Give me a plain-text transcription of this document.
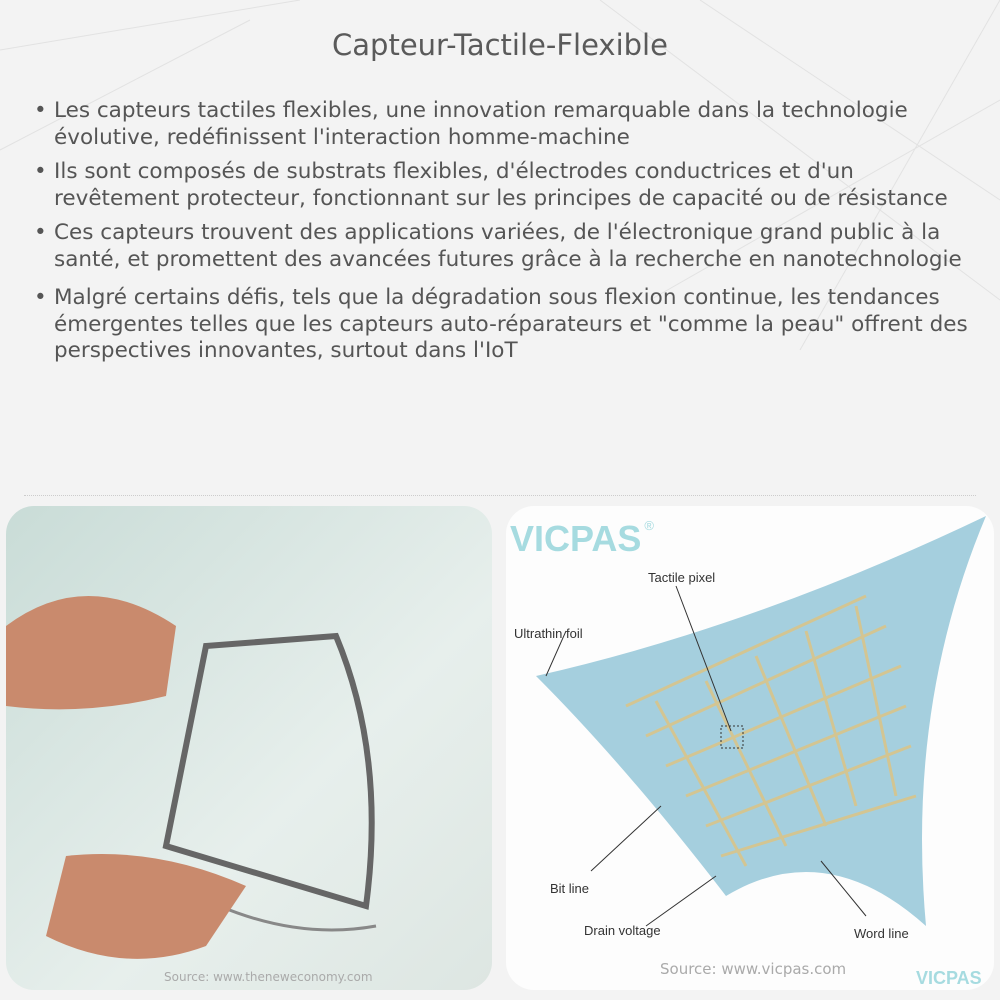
Capteur-Tactile-Flexible
• Les capteurs tactiles flexibles, une innovation remarquable dans la technologie évolutive, redéfinissent l'interaction homme-machine
• Ils sont composés de substrats flexibles, d'électrodes conductrices et d'un revêtement protecteur, fonctionnant sur les principes de capacité ou de résistance
• Ces capteurs trouvent des applications variées, de l'électronique grand public à la santé, et promettent des avancées futures grâce à la recherche en nanotechnologie
• Malgré certains défis, tels que la dégradation sous flexion continue, les tendances émergentes telles que les capteurs auto-réparateurs et "comme la peau" offrent des perspectives innovantes, surtout dans l'IoT
Source: www.theneweconomy.com
VICPAS ®
Tactile pixel
Ultrathin foil
Bit line
Drain voltage	Word line
Source: www.vicpas.com	VICPAS
